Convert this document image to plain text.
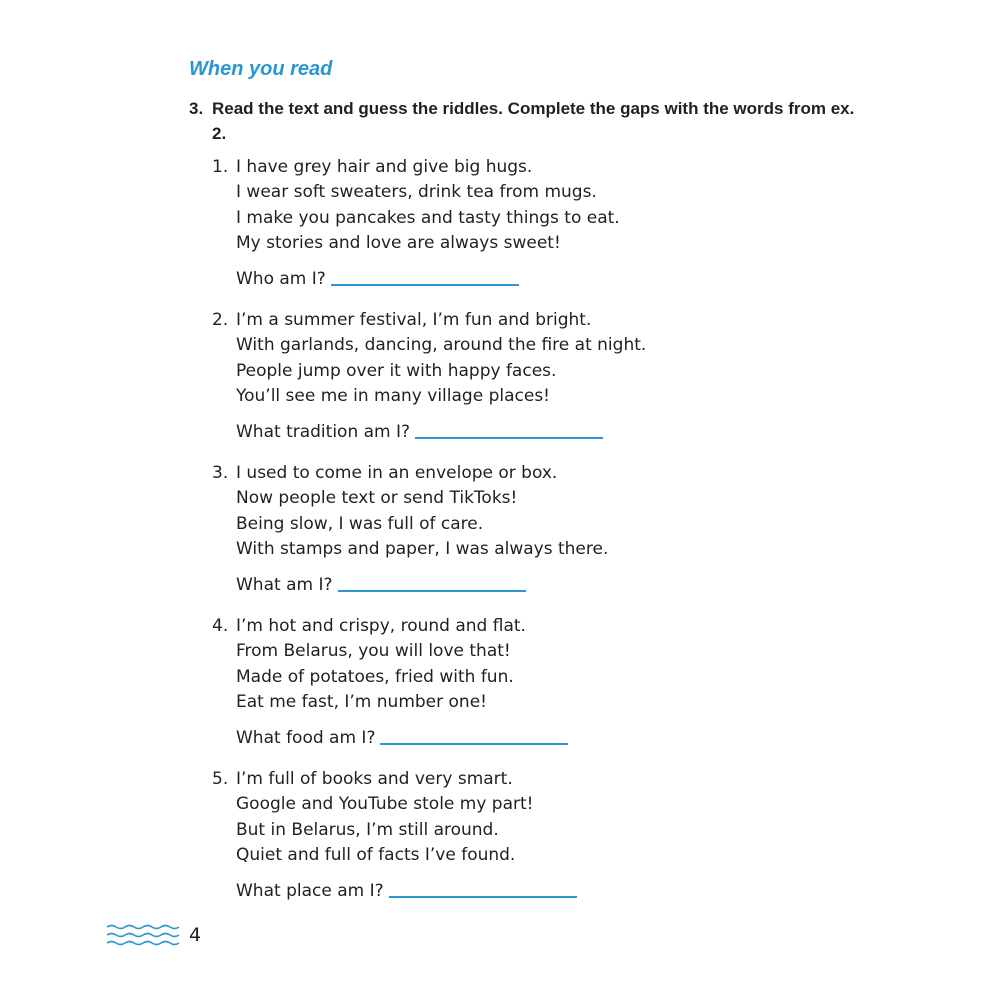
When you read
3. Read the text and guess the riddles. Complete the gaps with the words from ex. 2.
1. I have grey hair and give big hugs.
I wear soft sweaters, drink tea from mugs.
I make you pancakes and tasty things to eat.
My stories and love are always sweet!
Who am I?
2. I’m a summer festival, I’m fun and bright.
With garlands, dancing, around the fire at night.
People jump over it with happy faces.
You’ll see me in many village places!
What tradition am I?
3. I used to come in an envelope or box.
Now people text or send TikToks!
Being slow, I was full of care.
With stamps and paper, I was always there.
What am I?
4. I’m hot and crispy, round and flat.
From Belarus, you will love that!
Made of potatoes, fried with fun.
Eat me fast, I’m number one!
What food am I?
5. I’m full of books and very smart.
Google and YouTube stole my part!
But in Belarus, I’m still around.
Quiet and full of facts I’ve found.
What place am I?
4
